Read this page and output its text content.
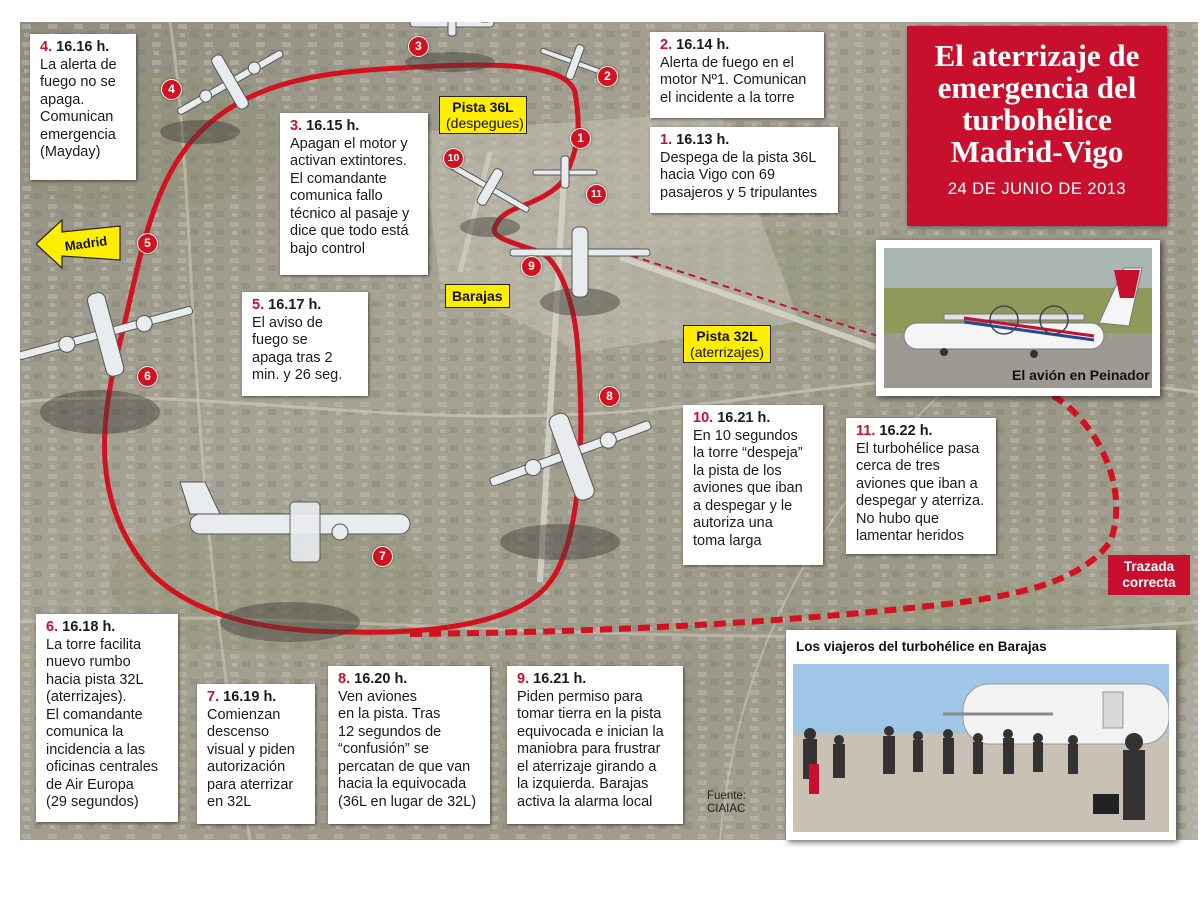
1
2
3
4
5
6
7
8
9
10
11
Pista 36L
(despegues)
Barajas
Pista 32L
(aterrizajes)
Madrid
4. 16.16 h.
La alerta de
fuego no se
apaga.
Comunican
emergencia
(Mayday)
3. 16.15 h.
Apagan el motor y
activan extintores.
El comandante
comunica fallo
técnico al pasaje y
dice que todo está
bajo control
2. 16.14 h.
Alerta de fuego en el
motor Nº1. Comunican
el incidente a la torre
1. 16.13 h.
Despega de la pista 36L
hacia Vigo con 69
pasajeros y 5 tripulantes
5. 16.17 h.
El aviso de
fuego se
apaga tras 2
min. y 26 seg.
10. 16.21 h.
En 10 segundos
la torre “despeja”
la pista de los
aviones que iban
a despegar y le
autoriza una
toma larga
11. 16.22 h.
El turbohélice pasa
cerca de tres
aviones que iban a
despegar y aterriza.
No hubo que
lamentar heridos
6. 16.18 h.
La torre facilita
nuevo rumbo
hacia pista 32L
(aterrizajes).
El comandante
comunica la
incidencia a las
oficinas centrales
de Air Europa
(29 segundos)
7. 16.19 h.
Comienzan
descenso
visual y piden
autorización
para aterrizar
en 32L
8. 16.20 h.
Ven aviones
en la pista. Tras
12 segundos de
“confusión” se
percatan de que van
hacia la equivocada
(36L en lugar de 32L)
9. 16.21 h.
Piden permiso para
tomar tierra en la pista
equivocada e inician la
maniobra para frustrar
el aterrizaje girando a
la izquierda. Barajas
activa la alarma local	Fuente:
CIAIAC
El aterrizaje de
emergencia del
turbohélice
Madrid-Vigo
24 DE JUNIO DE 2013
El avión en Peinador
Trazada
correcta
Los viajeros del turbohélice en Barajas
